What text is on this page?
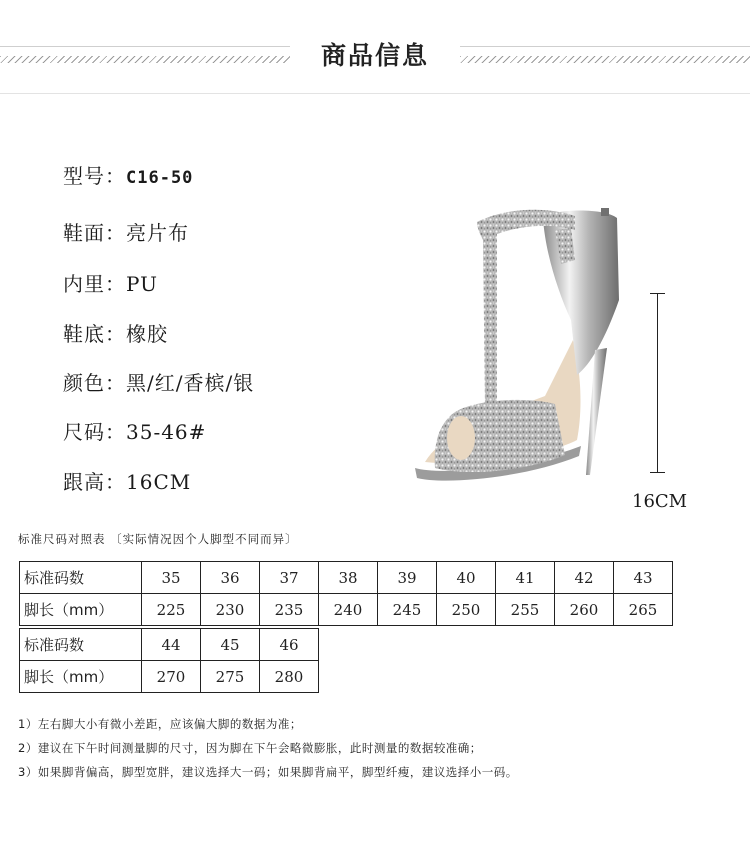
商品信息
型号：C16-50
鞋面：亮片布
内里：PU
鞋底：橡胶
颜色：黑/红/香槟/银
尺码：35-46#
跟高：16CM
16CM
标准尺码对照表 〔实际情况因个人脚型不同而异〕
标准码数	35	36	37	38	39	40	41	42	43
脚长（mm）	225	230	235	240	245	250	255	260	265
标准码数	44	45	46
脚长（mm）	270	275	280
1）左右脚大小有微小差距，应该偏大脚的数据为准；
2）建议在下午时间测量脚的尺寸，因为脚在下午会略微膨胀，此时测量的数据较准确；
3）如果脚背偏高，脚型宽胖，建议选择大一码；如果脚背扁平，脚型纤瘦，建议选择小一码。
